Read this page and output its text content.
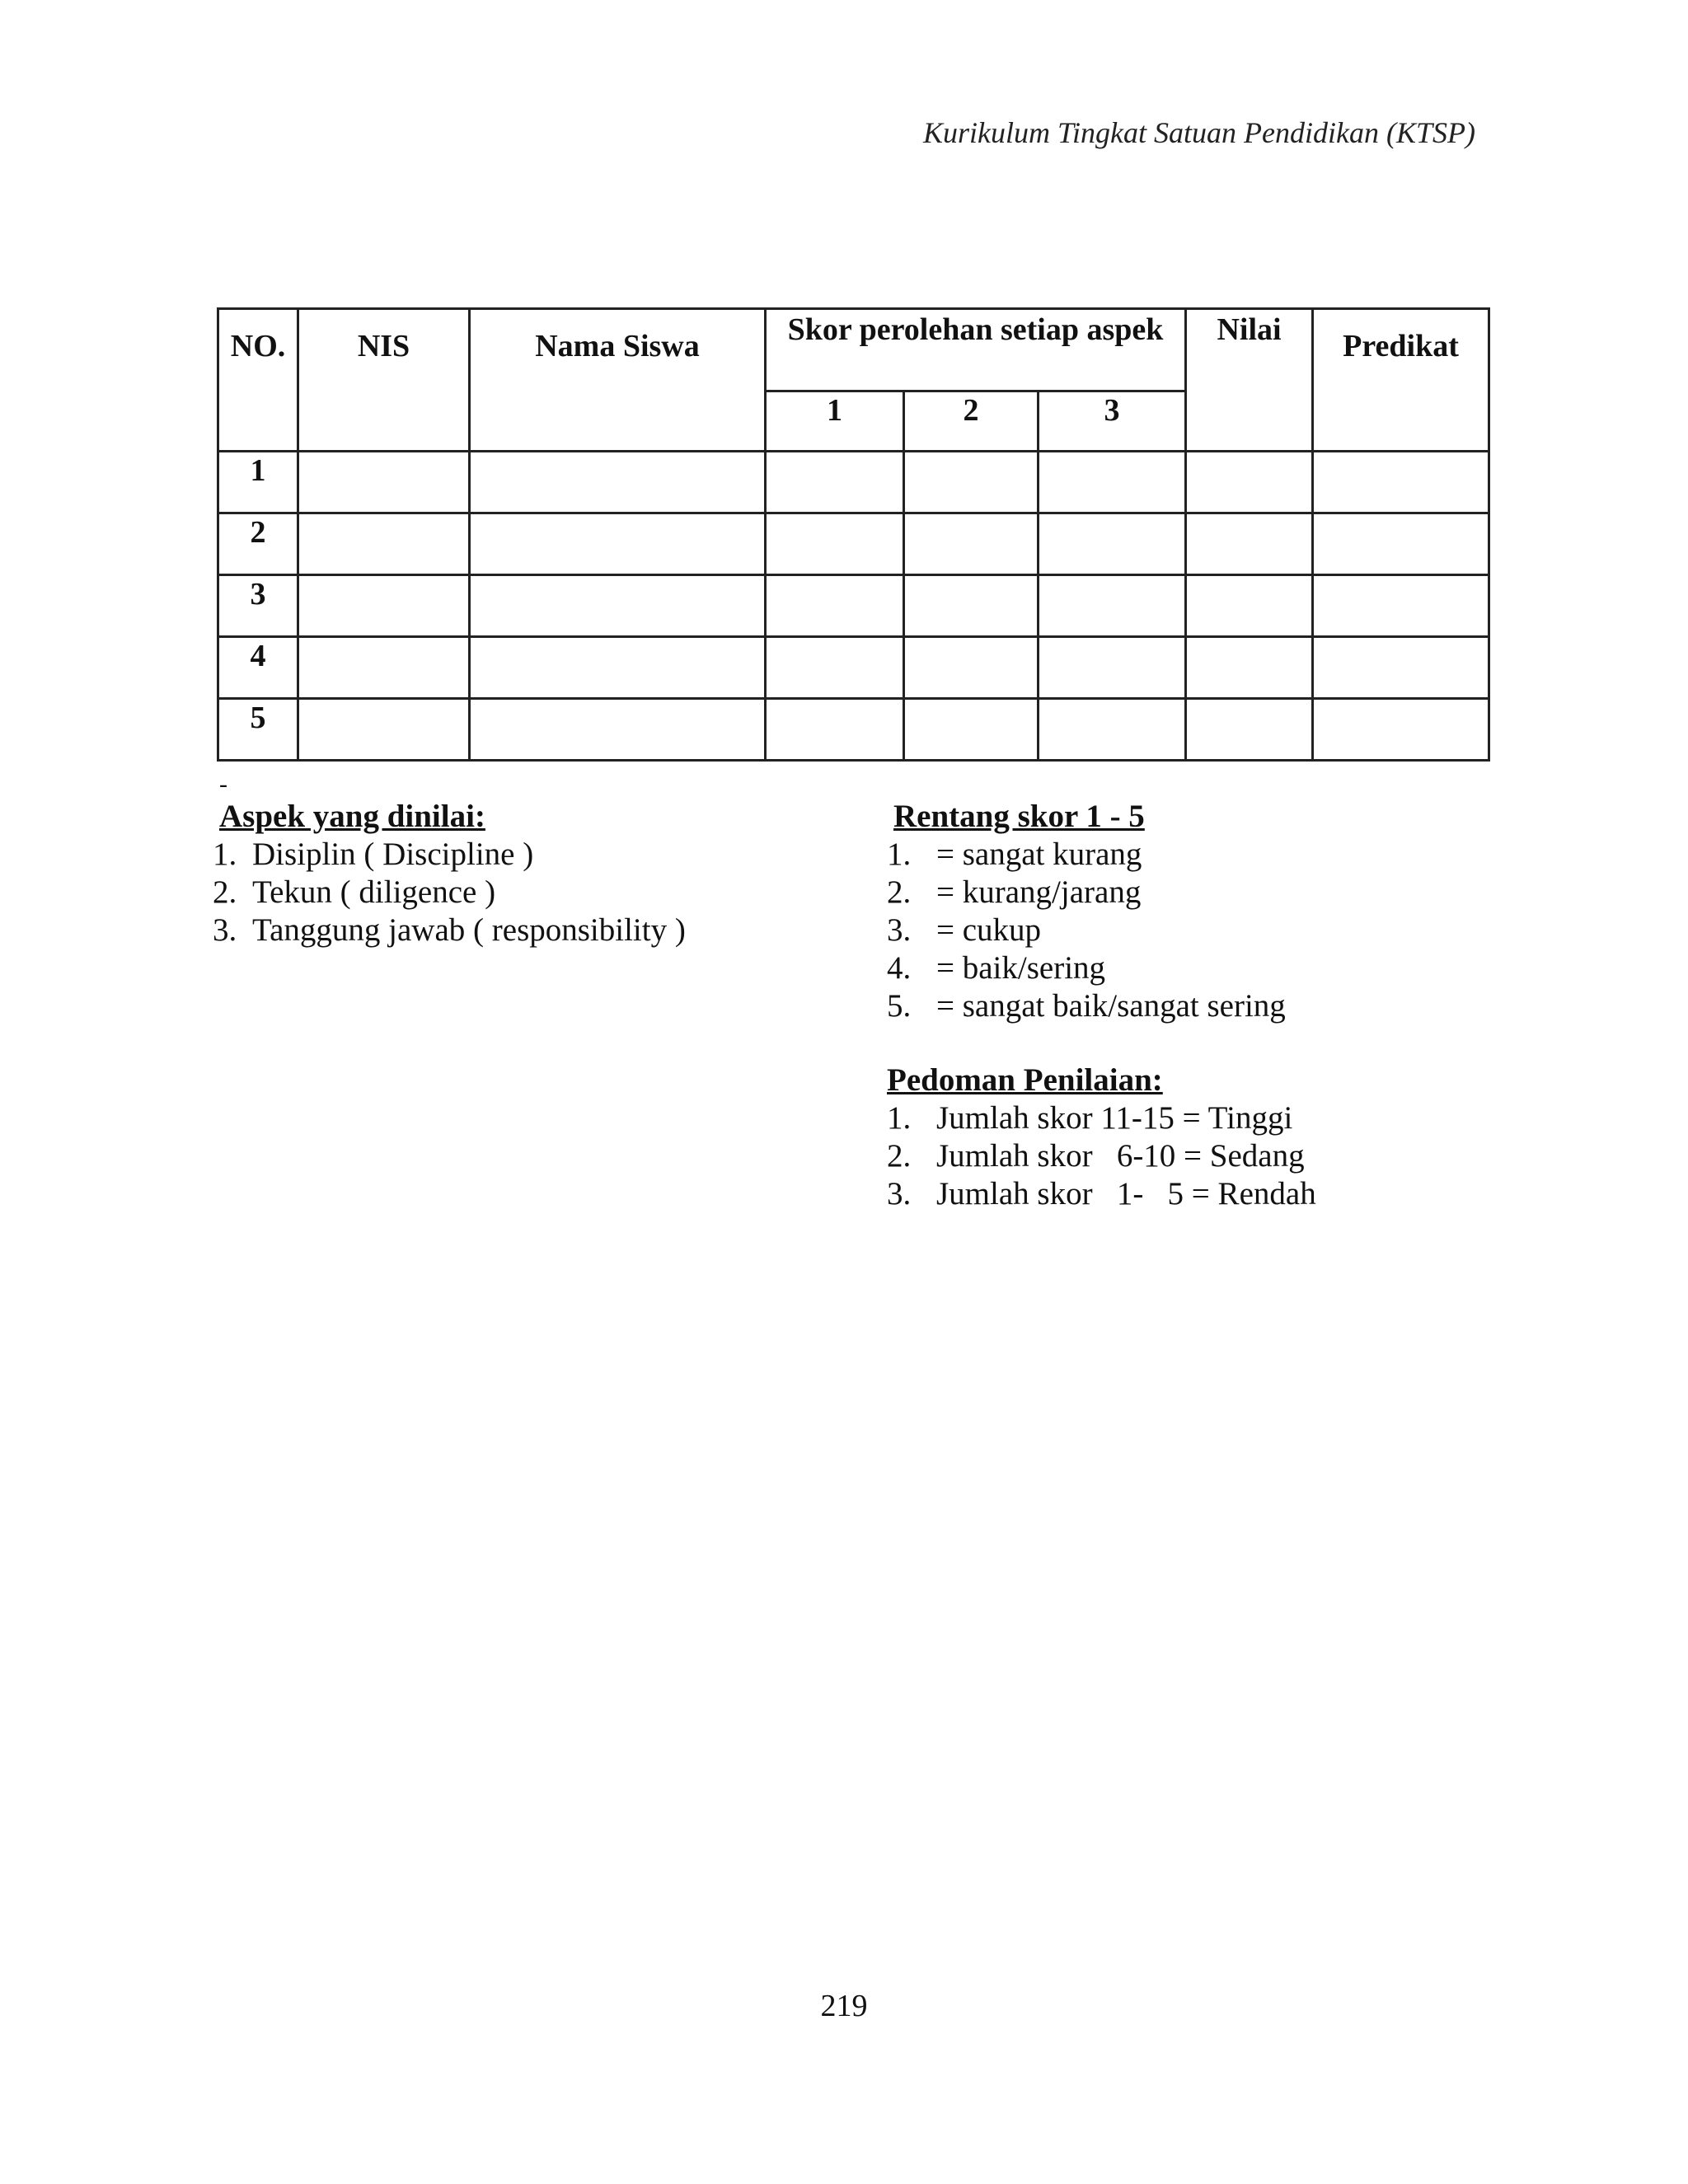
Kurikulum Tingkat Satuan Pendidikan (KTSP)
NO.	NIS	Nama Siswa	Skor perolehan setiap aspek			Nilai	Predikat

			1	2	3		
1							
2							
3							
4							
5							
-
Aspek yang dinilai:
1. Disiplin ( Discipline )
2. Tekun ( diligence )
3. Tanggung jawab ( responsibility )
Rentang skor 1 - 5
1. = sangat kurang
2. = kurang/jarang
3. = cukup
4. = baik/sering
5. = sangat baik/sangat sering
Pedoman Penilaian:
1. Jumlah skor 11-15 = Tinggi
2. Jumlah skor   6-10 = Sedang
3. Jumlah skor   1-   5 = Rendah
219
